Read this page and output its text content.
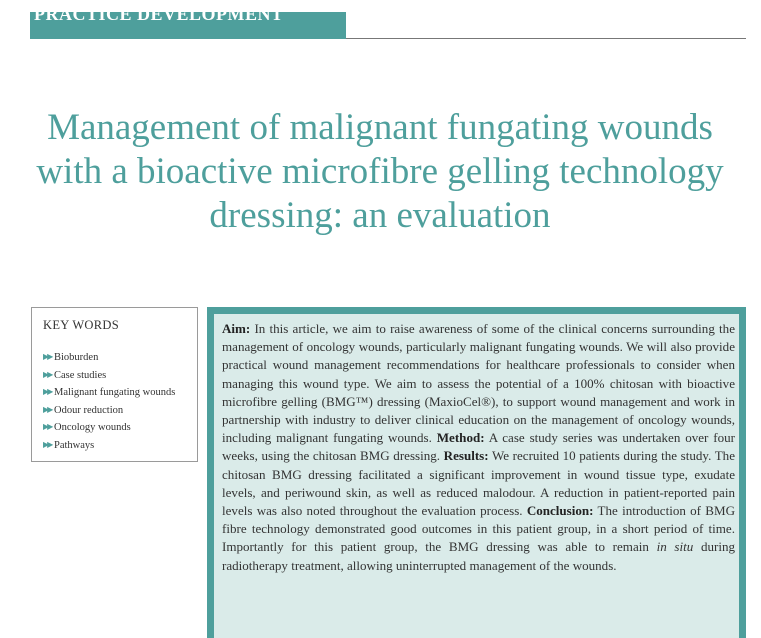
PRACTICE DEVELOPMENT
Management of malignant fungating wounds
with a bioactive microfibre gelling technology
dressing: an evaluation
KEY WORDS
▶▶ Bioburden
▶▶ Case studies
▶▶ Malignant fungating wounds
▶▶ Odour reduction
▶▶ Oncology wounds
▶▶ Pathways

Aim: In this article, we aim to raise awareness of some of the clinical concerns surrounding the management of oncology wounds, particularly malignant fungating wounds. We will also provide practical wound management recommendations for healthcare professionals to consider when managing this wound type. We aim to assess the potential of a 100% chitosan with bioactive microfibre gelling (BMG™) dressing (MaxioCel®), to support wound management and work in partnership with industry to deliver clinical education on the management of oncology wounds, including malignant fungating wounds. Method: A case study series was undertaken over four weeks, using the chitosan BMG dressing. Results: We recruited 10 patients during the study. The chitosan BMG dressing facilitated a significant improvement in wound tissue type, exudate levels, and periwound skin, as well as reduced malodour. A reduction in patient-reported pain levels was also noted throughout the evaluation process. Conclusion: The introduction of BMG fibre technology demonstrated good outcomes in this patient group, in a short period of time. Importantly for this patient group, the BMG dressing was able to remain in situ during radiotherapy treatment, allowing uninterrupted management of the wounds.
